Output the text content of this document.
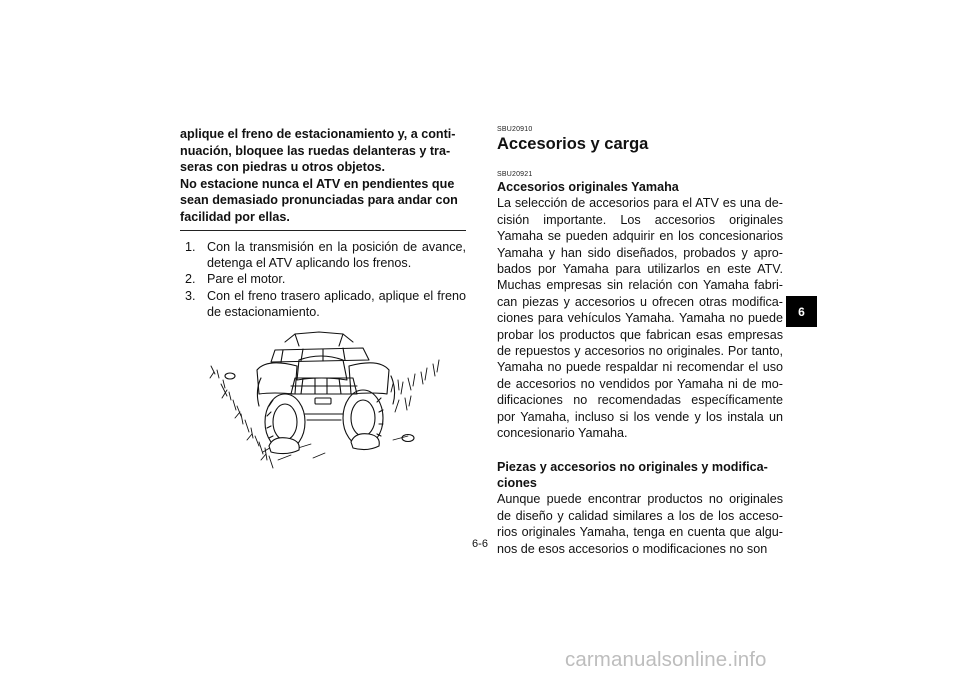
aplique el freno de estacionamiento y, a conti-

nuación, bloquee las ruedas delanteras y tra-

seras con piedras u otros objetos.

No estacione nunca el ATV en pendientes que

sean demasiado pronunciadas para andar con

facilidad por ellas.

1. Con la transmisión en la posición de avance, detenga el ATV aplicando los frenos.
2. Pare el motor.
3. Con el freno trasero aplicado, aplique el freno de estacionamiento.
SBU20910
Accesorios y carga
SBU20921

Accesorios originales Yamaha

La selección de accesorios para el ATV es una de-cisión importante. Los accesorios originales Yamaha se pueden adquirir en los concesionarios Yamaha y han sido diseñados, probados y apro-bados por Yamaha para utilizarlos en este ATV. Muchas empresas sin relación con Yamaha fabri-can piezas y accesorios u ofrecen otras modifica-ciones para vehículos Yamaha. Yamaha no puede probar los productos que fabrican esas empresas de repuestos y accesorios no originales. Por tanto, Yamaha no puede respaldar ni recomendar el uso de accesorios no vendidos por Yamaha ni de mo-dificaciones no recomendadas específicamente por Yamaha, incluso si los vende y los instala un concesionario Yamaha.

Piezas y accesorios no originales y modifica-
ciones

Aunque puede encontrar productos no originales de diseño y calidad similares a los de los acceso-rios originales Yamaha, tenga en cuenta que algu-nos de esos accesorios o modificaciones no son

6-6
6
carmanualsonline.info
